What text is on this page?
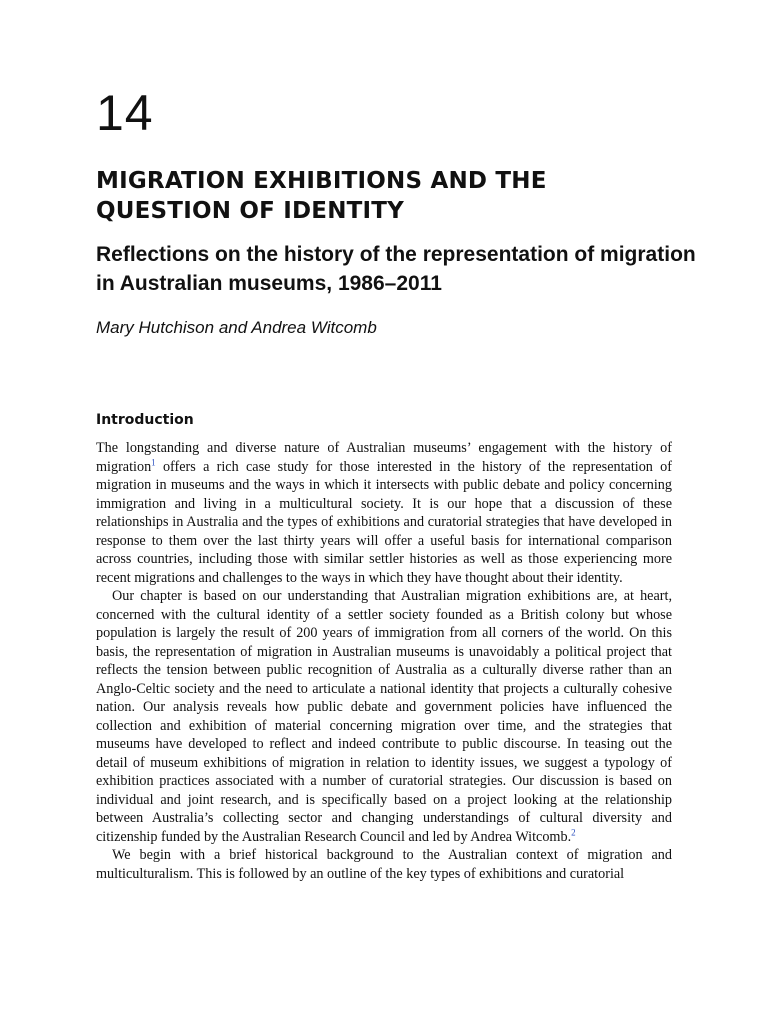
14
MIGRATION EXHIBITIONS AND THE
QUESTION OF IDENTITY
Reflections on the history of the representation of migration in Australian museums, 1986–2011

Mary Hutchison and Andrea Witcomb

Introduction

The longstanding and diverse nature of Australian museums’ engagement with the history of migration$^1$ offers a rich case study for those interested in the history of the representation of migration in museums and the ways in which it intersects with public debate and policy concerning immigration and living in a multicultural society. It is our hope that a discussion of these relationships in Australia and the types of exhibitions and curatorial strategies that have developed in response to them over the last thirty years will offer a useful basis for international comparison across countries, including those with similar settler histories as well as those experiencing more recent migrations and challenges to the ways in which they have thought about their identity.

Our chapter is based on our understanding that Australian migration exhibitions are, at heart, concerned with the cultural identity of a settler society founded as a British colony but whose population is largely the result of 200 years of immigration from all corners of the world. On this basis, the representation of migration in Australian museums is unavoidably a political project that reflects the tension between public recognition of Australia as a culturally diverse rather than an Anglo-Celtic society and the need to articulate a national identity that projects a culturally cohesive nation. Our analysis reveals how public debate and government policies have influenced the collection and exhibition of material concerning migration over time, and the strategies that museums have developed to reflect and indeed contribute to public discourse. In teasing out the detail of museum exhibitions of migration in relation to identity issues, we suggest a typology of exhibition practices associated with a number of curatorial strategies. Our discussion is based on individual and joint research, and is specifically based on a project looking at the relationship between Australia’s collecting sector and changing understandings of cultural diversity and citizenship funded by the Australian Research Council and led by Andrea Witcomb.$^2$

We begin with a brief historical background to the Australian context of migration and multiculturalism. This is followed by an outline of the key types of exhibitions and curatorial
